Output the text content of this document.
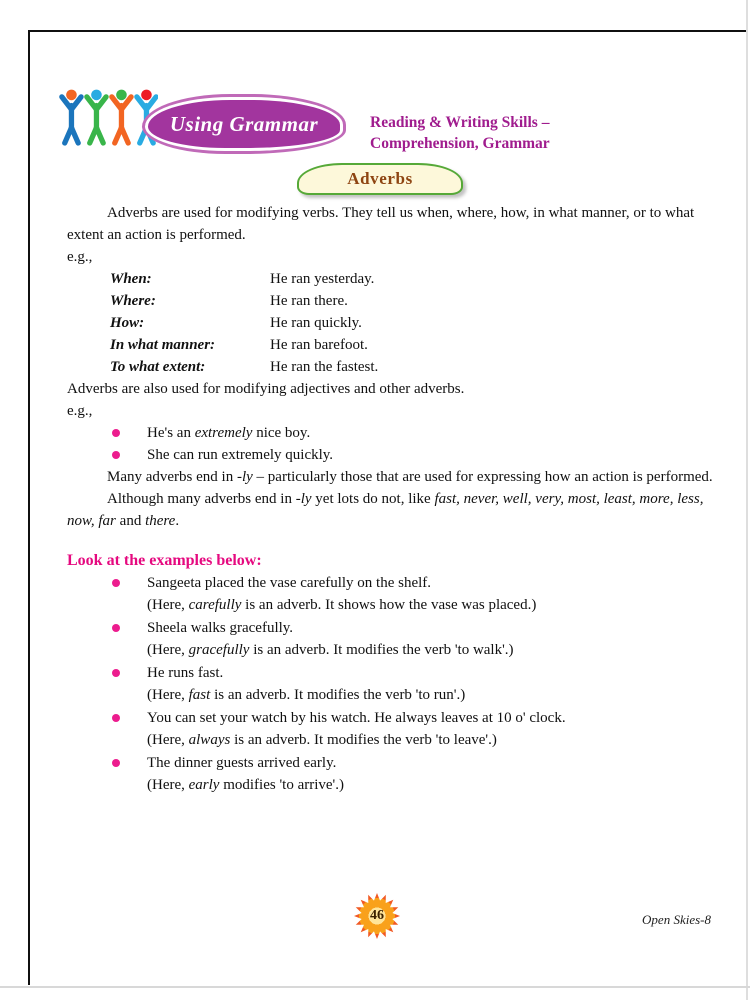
Using Grammar	Reading & Writing Skills –
Comprehension, Grammar
Adverbs

Adverbs are used for modifying verbs. They tell us when, where, how, in what manner, or to what extent an action is performed.

e.g.,

When:	He ran yesterday.
Where:	He ran there.
How:	He ran quickly.
In what manner:	He ran barefoot.
To what extent:	He ran the fastest.

Adverbs are also used for modifying adjectives and other adverbs.

e.g.,

He's an extremely nice boy.
She can run extremely quickly.

Many adverbs end in -ly – particularly those that are used for expressing how an action is performed.

Although many adverbs end in -ly yet lots do not, like fast, never, well, very, most, least, more, less, now, far and there.

Look at the examples below:
Sangeeta placed the vase carefully on the shelf.
(Here, carefully is an adverb. It shows how the vase was placed.)
Sheela walks gracefully.
(Here, gracefully is an adverb. It modifies the verb 'to walk'.)
He runs fast.
(Here, fast is an adverb. It modifies the verb 'to run'.)
You can set your watch by his watch. He always leaves at 10 o' clock.
(Here, always is an adverb. It modifies the verb 'to leave'.)
The dinner guests arrived early.
(Here, early modifies 'to arrive'.)
46	Open Skies-8
